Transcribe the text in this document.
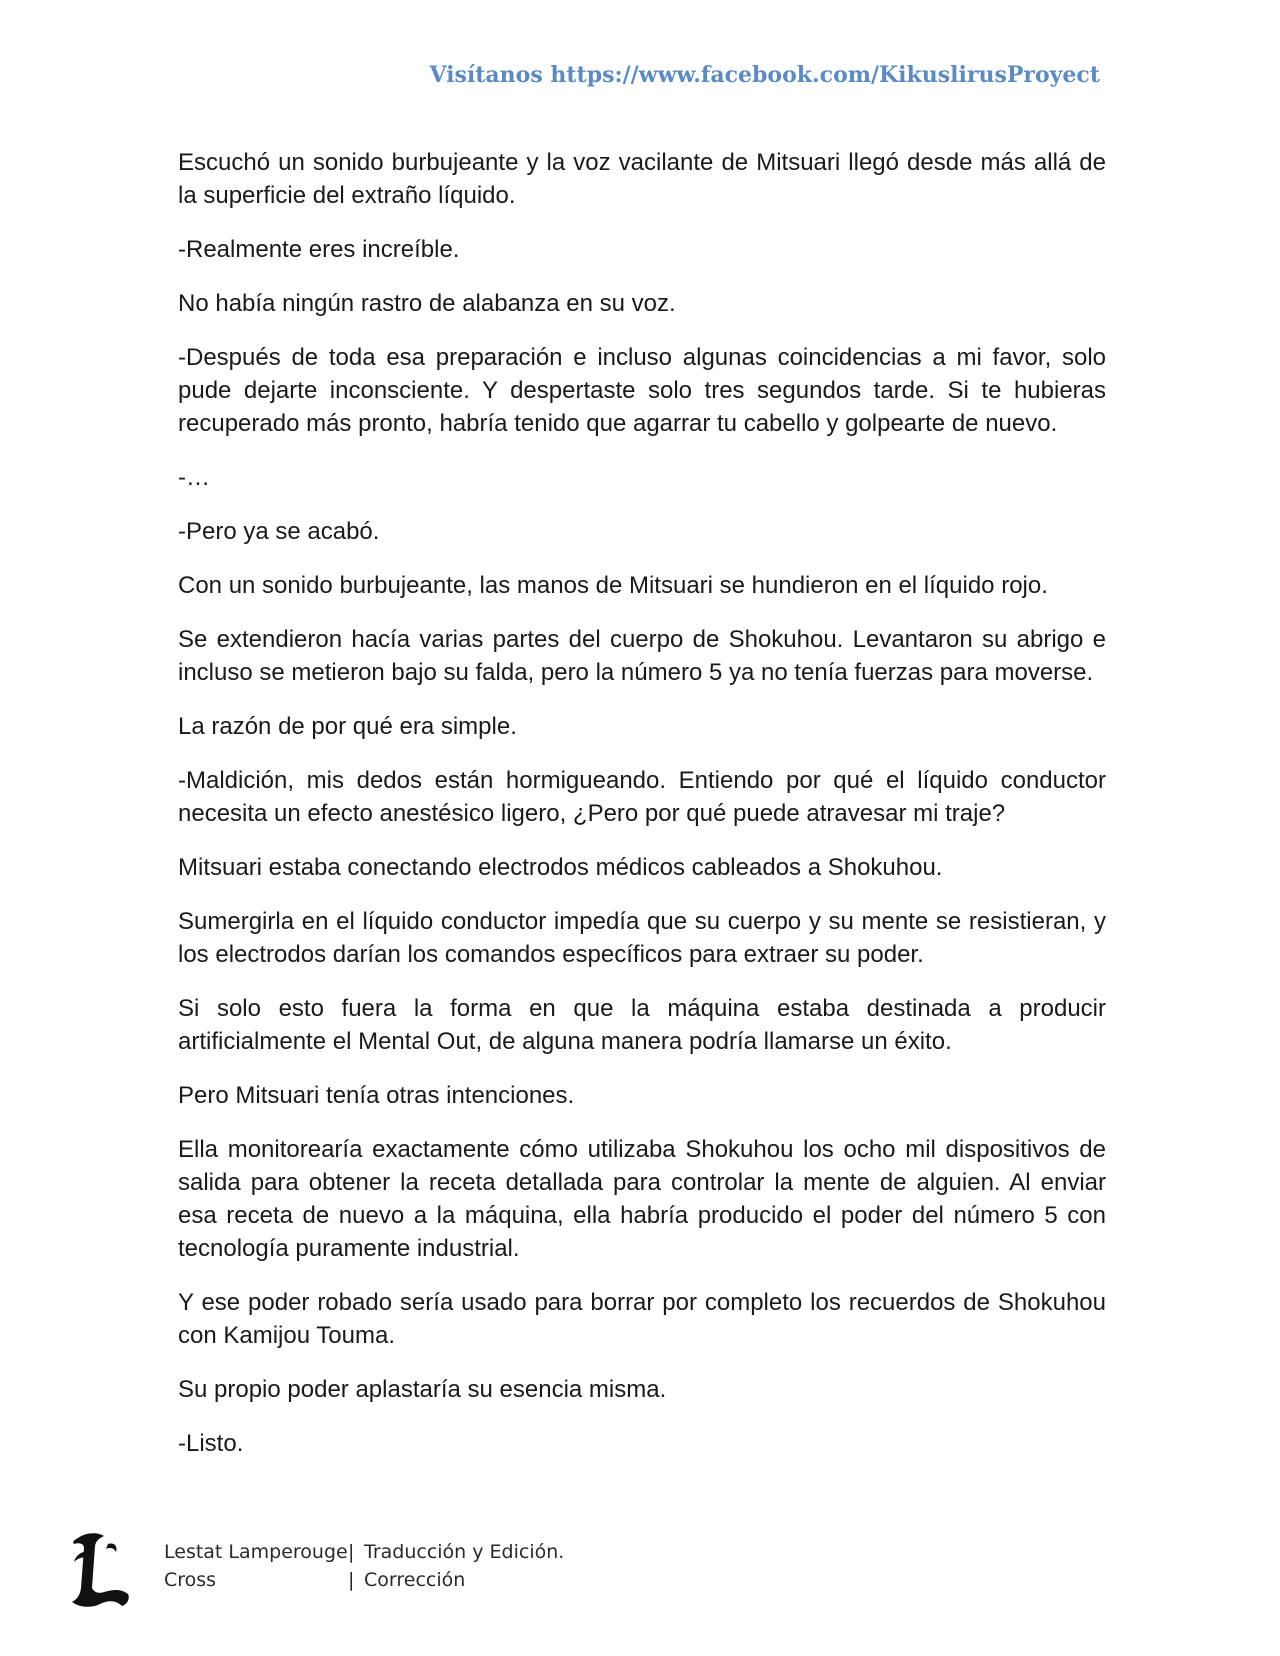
Visítanos https://www.facebook.com/KikuslirusProyect

Escuchó un sonido burbujeante y la voz vacilante de Mitsuari llegó desde más allá de la superficie del extraño líquido.

-Realmente eres increíble.

No había ningún rastro de alabanza en su voz.

-Después de toda esa preparación e incluso algunas coincidencias a mi favor, solo pude dejarte inconsciente. Y despertaste solo tres segundos tarde. Si te hubieras recuperado más pronto, habría tenido que agarrar tu cabello y golpearte de nuevo.

-…

-Pero ya se acabó.

Con un sonido burbujeante, las manos de Mitsuari se hundieron en el líquido rojo.

Se extendieron hacía varias partes del cuerpo de Shokuhou. Levantaron su abrigo e incluso se metieron bajo su falda, pero la número 5 ya no tenía fuerzas para moverse.

La razón de por qué era simple.

-Maldición, mis dedos están hormigueando. Entiendo por qué el líquido conductor necesita un efecto anestésico ligero, ¿Pero por qué puede atravesar mi traje?

Mitsuari estaba conectando electrodos médicos cableados a Shokuhou.

Sumergirla en el líquido conductor impedía que su cuerpo y su mente se resistieran, y los electrodos darían los comandos específicos para extraer su poder.

Si solo esto fuera la forma en que la máquina estaba destinada a producir artificialmente el Mental Out, de alguna manera podría llamarse un éxito.

Pero Mitsuari tenía otras intenciones.

Ella monitorearía exactamente cómo utilizaba Shokuhou los ocho mil dispositivos de salida para obtener la receta detallada para controlar la mente de alguien. Al enviar esa receta de nuevo a la máquina, ella habría producido el poder del número 5 con tecnología puramente industrial.

Y ese poder robado sería usado para borrar por completo los recuerdos de Shokuhou con Kamijou Touma.

Su propio poder aplastaría su esencia misma.

-Listo.

Lestat Lamperouge | Traducción y Edición.
Cross	| Corrección
